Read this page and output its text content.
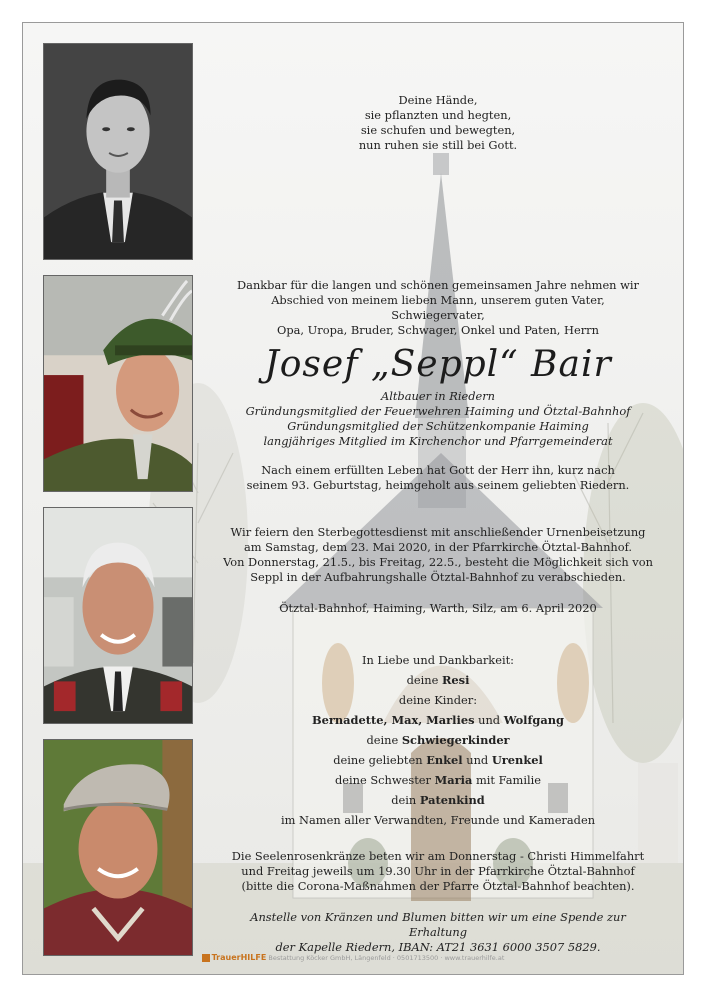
Deine Hände,

sie pflanzten und hegten,

sie schufen und bewegten,

nun ruhen sie still bei Gott.

Dankbar für die langen und schönen gemeinsamen Jahre nehmen wir

Abschied von meinem lieben Mann, unserem guten Vater, Schwiegervater,

Opa, Uropa, Bruder, Schwager, Onkel und Paten, Herrn

Josef „Seppl“ Bair

Altbauer in Riedern

Gründungsmitglied der Feuerwehren Haiming und Ötztal-Bahnhof

Gründungsmitglied der Schützenkompanie Haiming

langjähriges Mitglied im Kirchenchor und Pfarrgemeinderat

Nach einem erfüllten Leben hat Gott der Herr ihn, kurz nach

seinem 93. Geburtstag, heimgeholt aus seinem geliebten Riedern.

Wir feiern den Sterbegottesdienst mit anschließender Urnenbeisetzung

am Samstag, dem 23. Mai 2020, in der Pfarrkirche Ötztal-Bahnhof.

Von Donnerstag, 21.5., bis Freitag, 22.5., besteht die Möglichkeit sich von

Seppl in der Aufbahrungshalle Ötztal-Bahnhof zu verabschieden.

Ötztal-Bahnhof, Haiming, Warth, Silz, am 6. April 2020

In Liebe und Dankbarkeit:

deine Resi

deine Kinder:

Bernadette, Max, Marlies und Wolfgang

deine Schwiegerkinder

deine geliebten Enkel und Urenkel

deine Schwester Maria mit Familie

dein Patenkind

im Namen aller Verwandten, Freunde und Kameraden

Die Seelenrosenkränze beten wir am Donnerstag - Christi Himmelfahrt

und Freitag jeweils um 19.30 Uhr in der Pfarrkirche Ötztal-Bahnhof

(bitte die Corona-Maßnahmen der Pfarre Ötztal-Bahnhof beachten).

Anstelle von Kränzen und Blumen bitten wir um eine Spende zur Erhaltung

der Kapelle Riedern, IBAN: AT21 3631 6000 3507 5829.

TrauerHILFE Bestattung Köcker GmbH, Längenfeld · 0501713500 · www.trauerhilfe.at
